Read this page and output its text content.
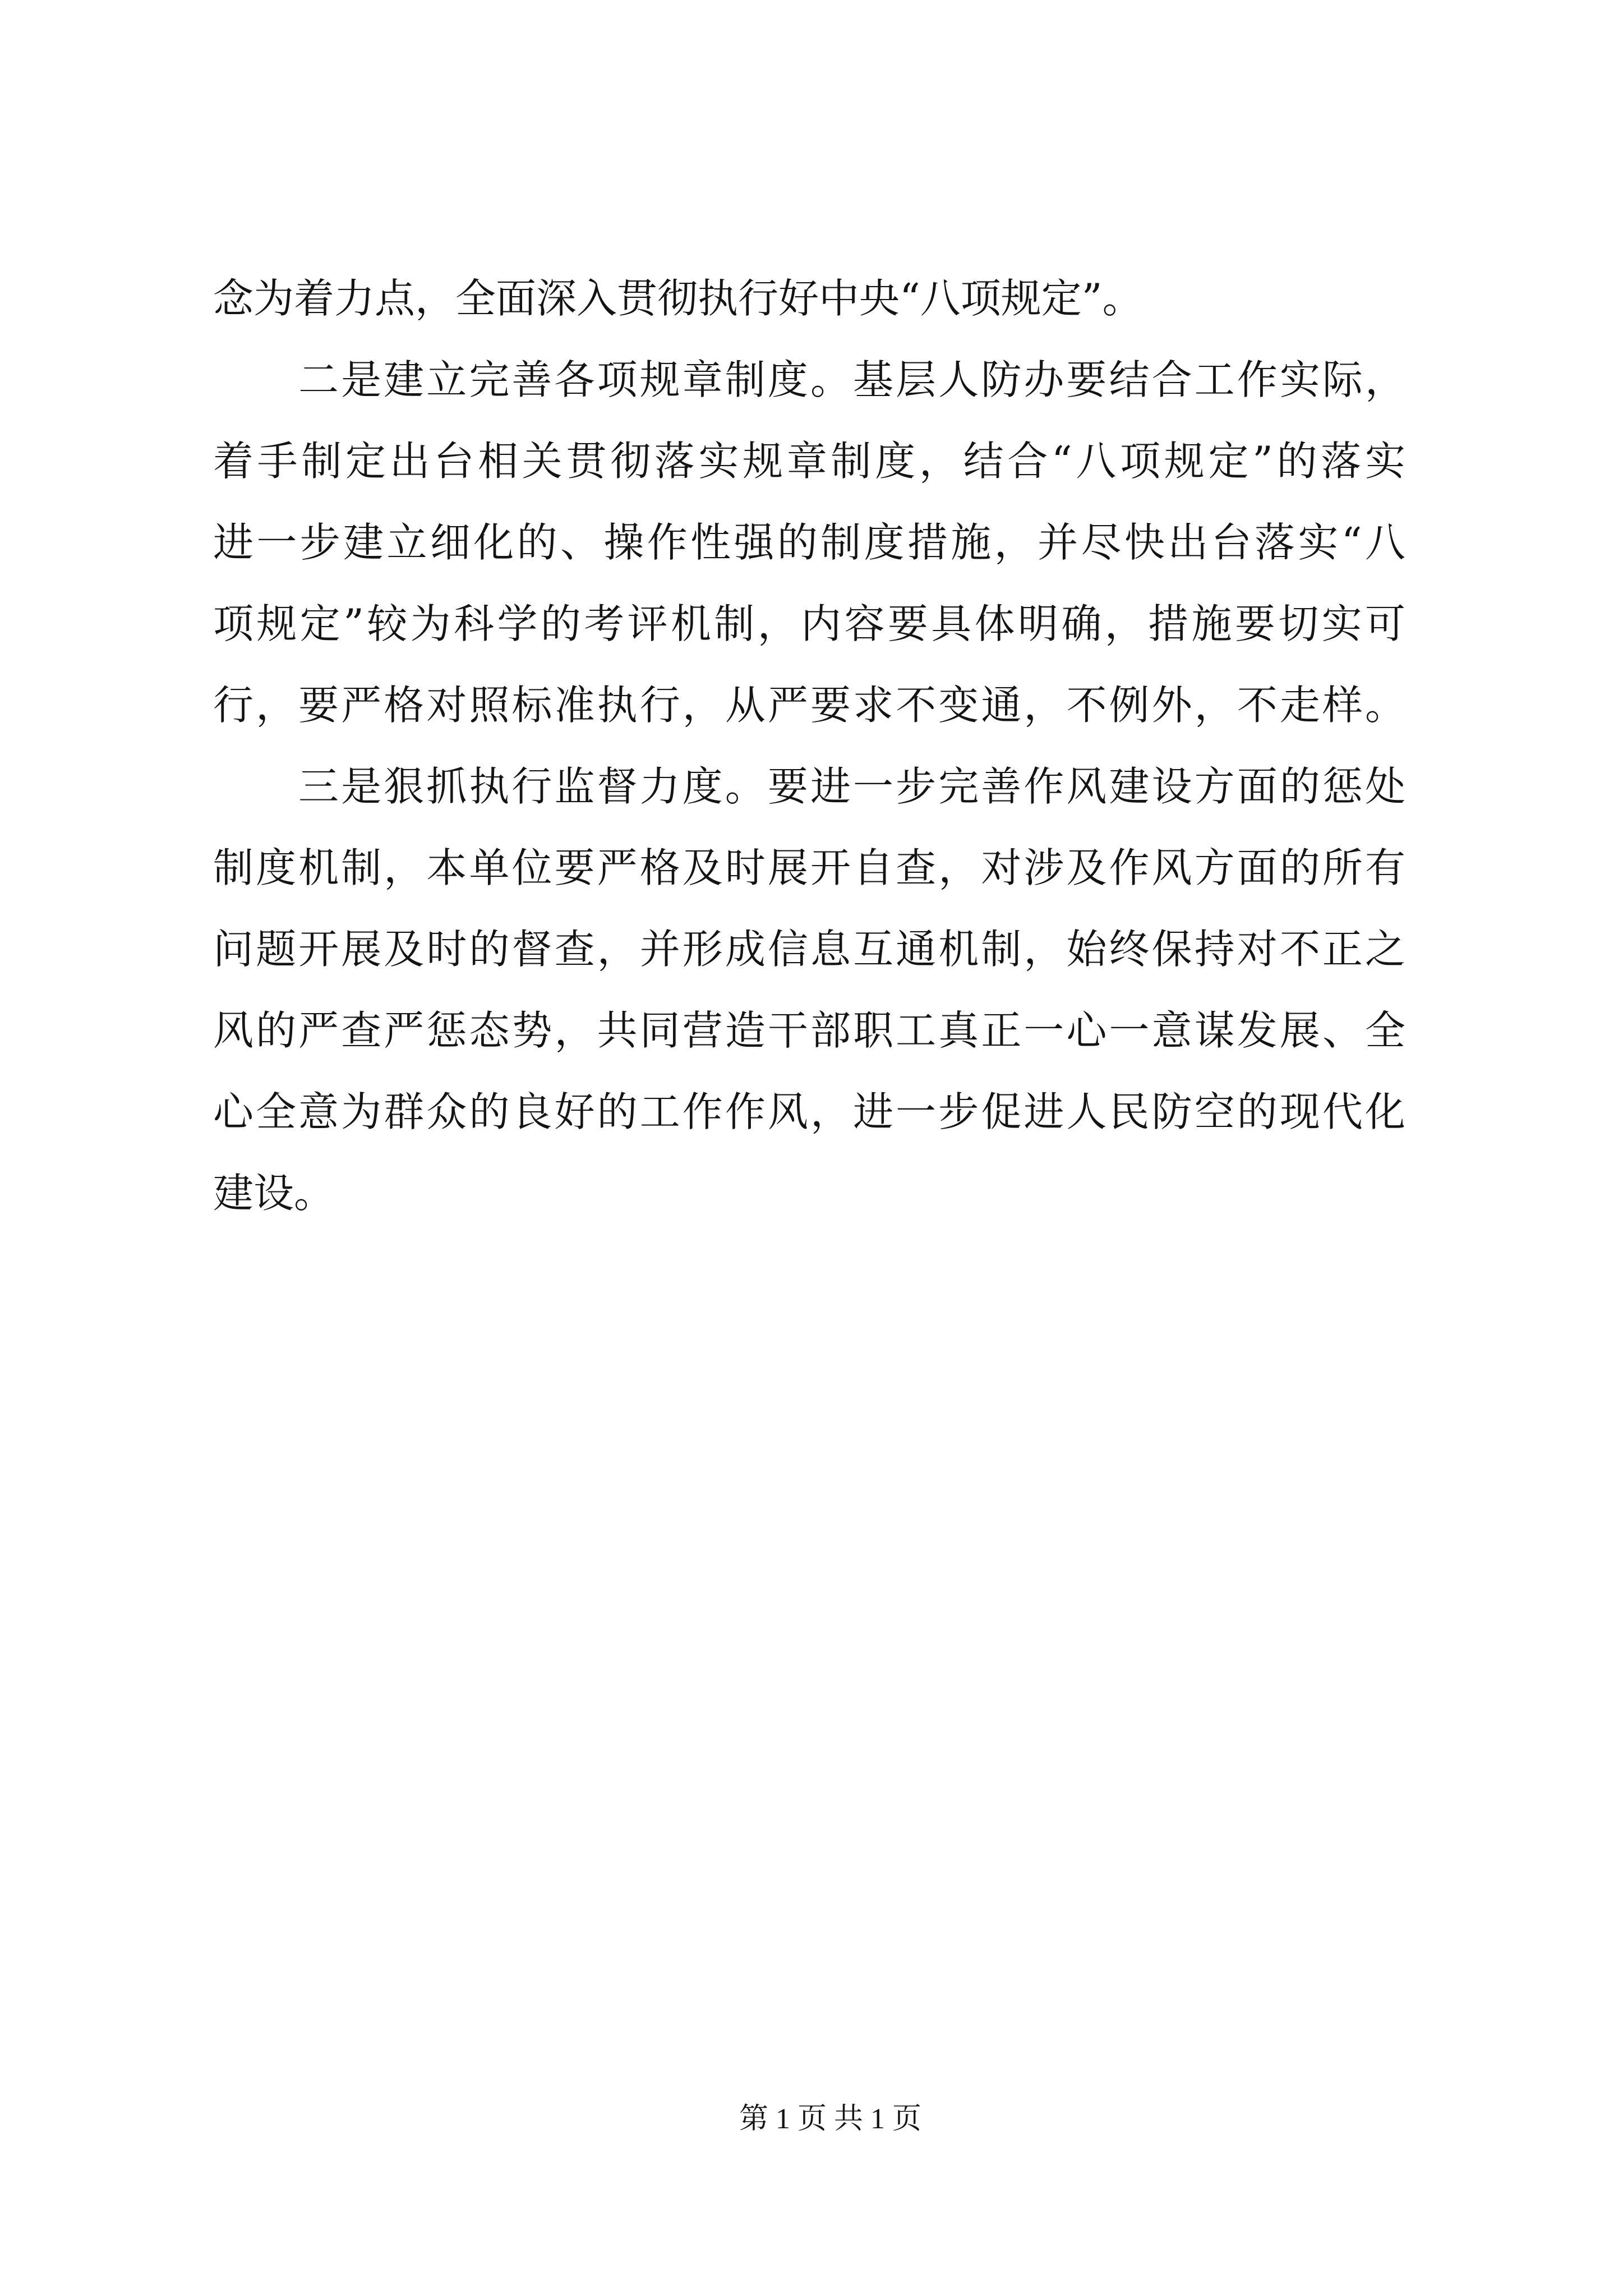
念为着力点，全面深入贯彻执行好中央“八项规定”。
二是建立完善各项规章制度。基层人防办要结合工作实际，
着手制定出台相关贯彻落实规章制度，结合“八项规定”的落实
进一步建立细化的、操作性强的制度措施，并尽快出台落实“八
项规定”较为科学的考评机制，内容要具体明确，措施要切实可
行，要严格对照标准执行，从严要求不变通，不例外，不走样。
三是狠抓执行监督力度。要进一步完善作风建设方面的惩处
制度机制，本单位要严格及时展开自查，对涉及作风方面的所有
问题开展及时的督查，并形成信息互通机制，始终保持对不正之
风的严查严惩态势，共同营造干部职工真正一心一意谋发展、全
心全意为群众的良好的工作作风，进一步促进人民防空的现代化
建设。
第 1 页 共 1 页
